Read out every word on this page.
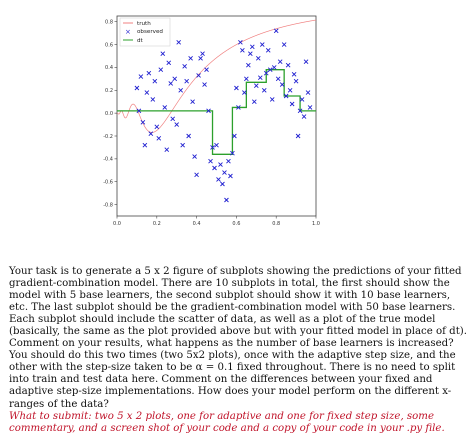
0.0	0.2	0.4	0.6	0.8	1.0
0.8
0.6
0.4
0.2
0.0
-0.2
-0.4
-0.6
-0.8
truth
× observed
dt

Your task is to generate a 5 x 2 figure of subplots showing the predictions of your fitted gradient-combination model. There are 10 subplots in total, the first should show the model with 5 base learners, the second subplot should show it with 10 base learners, etc. The last subplot should be the gradient-combination model with 50 base learners. Each subplot should include the scatter of data, as well as a plot of the true model (basically, the same as the plot provided above but with your fitted model in place of dt). Comment on your results, what happens as the number of base learners is increased? You should do this two times (two 5x2 plots), once with the adaptive step size, and the other with the step-size taken to be α = 0.1 fixed throughout. There is no need to split into train and test data here. Comment on the differences between your fixed and adaptive step-size implementations. How does your model perform on the different x-ranges of the data?

What to submit: two 5 x 2 plots, one for adaptive and one for fixed step size, some commentary, and a screen shot of your code and a copy of your code in your .py file.
